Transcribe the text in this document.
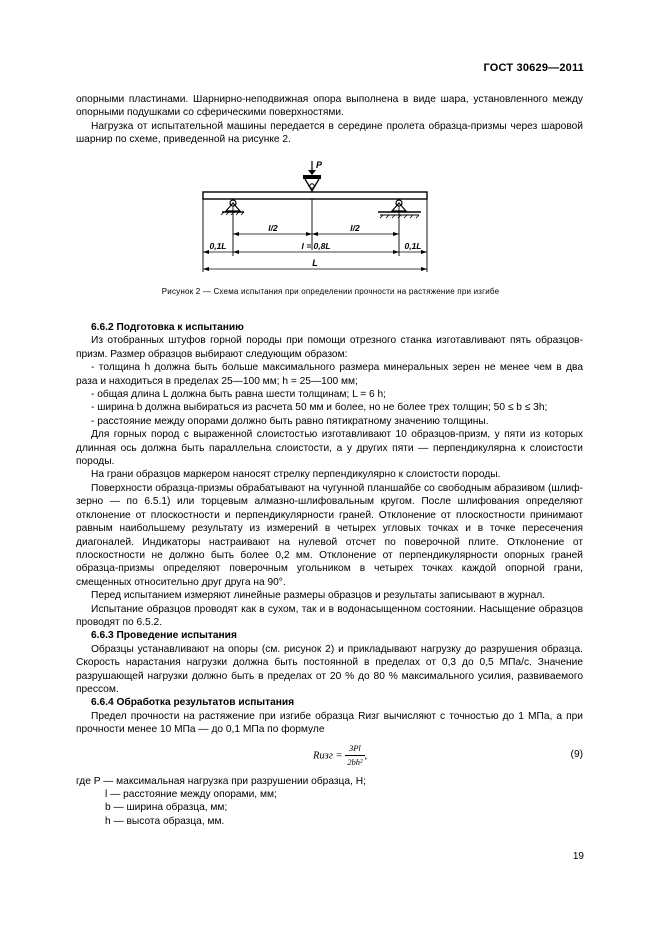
ГОСТ 30629—2011

опорными пластинами. Шарнирно-неподвижная опора выполнена в виде шара, установленного между опорными подушками со сферическими поверхностями.

Нагрузка от испытательной машины передается в середине пролета образца-призмы через шаровой шарнир по схеме, приведенной на рисунке 2.

l/2	l/2
0,1L	l = 0,8L	0,1L
L
P
Рисунок 2 — Схема испытания при определении прочности на растяжение при изгибе

6.6.2 Подготовка к испытанию

Из отобранных штуфов горной породы при помощи отрезного станка изготавливают пять образцов-призм. Размер образцов выбирают следующим образом:

- толщина h должна быть больше максимального размера минеральных зерен не менее чем в два раза и находиться в пределах 25—100 мм; h = 25—100 мм;

- общая длина L должна быть равна шести толщинам; L = 6 h;

- ширина b должна выбираться из расчета 50 мм и более, но не более трех толщин; 50 ≤ b ≤ 3h;

- расстояние между опорами должно быть равно пятикратному значению толщины.

Для горных пород с выраженной слоистостью изготавливают 10 образцов-призм, у пяти из которых длинная ось должна быть параллельна слоистости, а у других пяти — перпендикулярна к слоистости породы.

На грани образцов маркером наносят стрелку перпендикулярно к слоистости породы.

Поверхности образца-призмы обрабатывают на чугунной планшайбе со свободным абразивом (шлиф-зерно — по 6.5.1) или торцевым алмазно-шлифовальным кругом. После шлифования определяют отклонение от плоскостности и перпендикулярности граней. Отклонение от плоскостности принимают равным наибольшему результату из измерений в четырех угловых точках и в точке пересечения диагоналей. Индикаторы настраивают на нулевой отсчет по поверочной плите. Отклонение от плоскостности не должно быть более 0,2 мм. Отклонение от перпендикулярности опорных граней образца-призмы определяют поверочным угольником в четырех точках каждой опорной грани, смещенных относительно друг друга на 90°.

Перед испытанием измеряют линейные размеры образцов и результаты записывают в журнал.

Испытание образцов проводят как в сухом, так и в водонасыщенном состоянии. Насыщение образцов проводят по 6.5.2.

6.6.3 Проведение испытания

Образцы устанавливают на опоры (см. рисунок 2) и прикладывают нагрузку до разрушения образца. Скорость нарастания нагрузки должна быть постоянной в пределах от 0,3 до 0,5 МПа/с. Значение разрушающей нагрузки должно быть в пределах от 20 % до 80 % максимального усилия, развиваемого прессом.

6.6.4 Обработка результатов испытания

Предел прочности на растяжение при изгибе образца Rизг вычисляют с точностью до 1 МПа, а при прочности менее 10 МПа — до 0,1 МПа по формуле

Rизг = $\frac{3Pl}{\text{2bh²}}$ ,	(9)
где P — максимальная нагрузка при разрушении образца, Н;
l — расстояние между опорами, мм;
b — ширина образца, мм;
h — высота образца, мм.
19
